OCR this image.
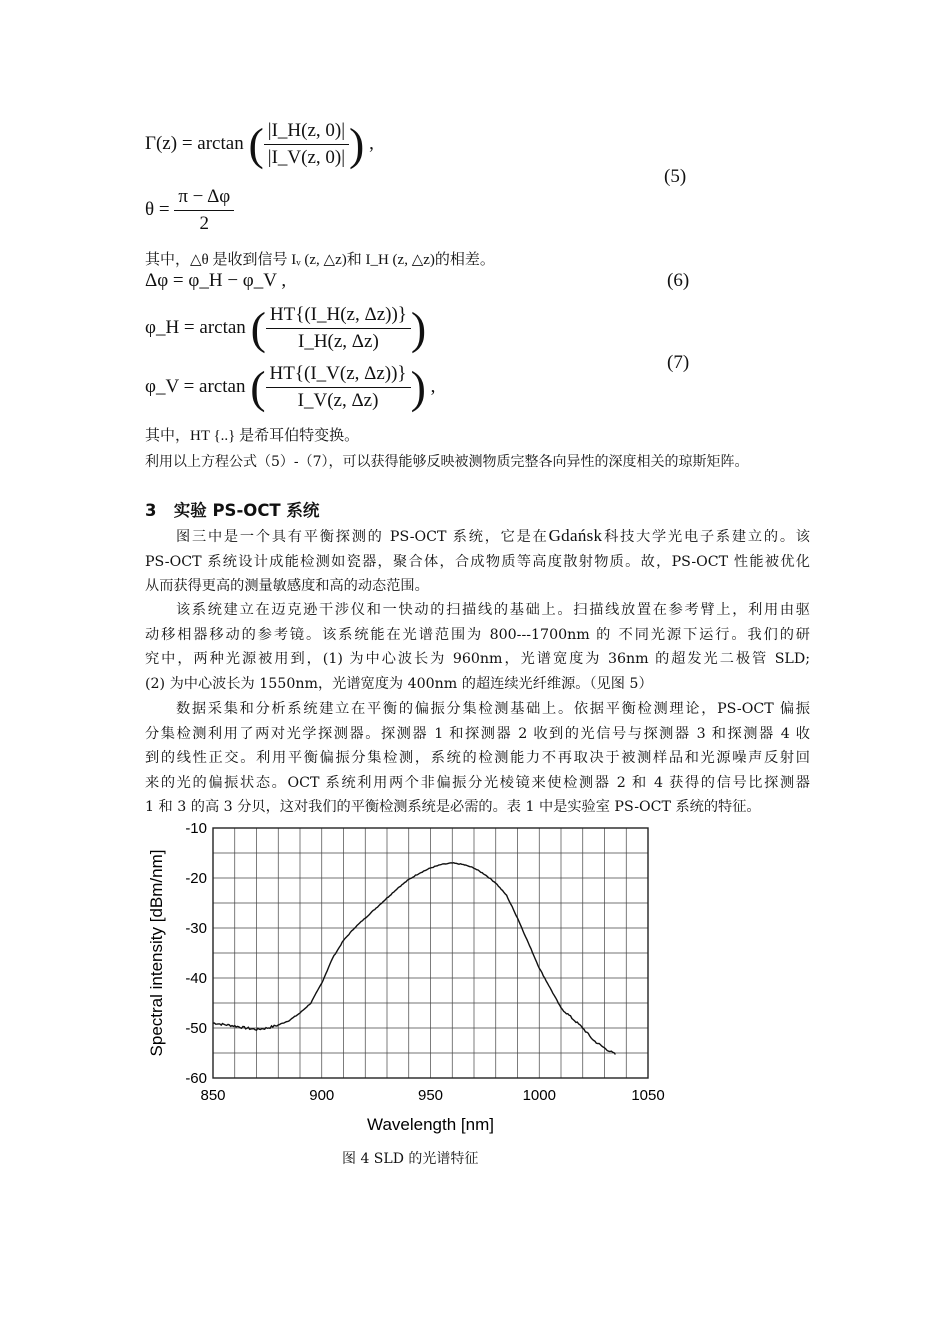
Γ(z) = arctan ( $\frac{|I\_H(z, 0)|}{|I\_V(z, 0)|}$ ) ,
$\theta = \frac{\pi - \Delta\varphi}{2}$
(5)
其中，△θ 是收到信号 Iᵥ (z, △z)和 I_H (z, △z)的相差。
Δφ = φ_H − φ_V ,	(6)
φ_H = arctan ( $\frac{HT\{(I\_H(z, \Delta z))\}}{I\_H(z, \Delta z)}$ )
φ_V = arctan ( $\frac{HT\{(I\_V(z, \Delta z))\}}{I\_V(z, \Delta z)}$ ) ,
(7)
其中，HT {..} 是希耳伯特变换。
利用以上方程公式（5）-（7），可以获得能够反映被测物质完整各向异性的深度相关的琼斯矩阵。
3 实验 PS-OCT 系统
图三中是一个具有平衡探测的 PS-OCT 系统，它是在Gdańsk科技大学光电子系建立的。该
PS-OCT 系统设计成能检测如瓷器，聚合体，合成物质等高度散射物质。故，PS-OCT 性能被优化
从而获得更高的测量敏感度和高的动态范围。
该系统建立在迈克逊干涉仪和一快动的扫描线的基础上。扫描线放置在参考臂上，利用由驱
动移相器移动的参考镜。该系统能在光谱范围为 800---1700nm 的 不同光源下运行。我们的研
究中，两种光源被用到，(1) 为中心波长为 960nm，光谱宽度为 36nm 的超发光二极管 SLD;
(2) 为中心波长为 1550nm，光谱宽度为 400nm 的超连续光纤维源。（见图 5）
数据采集和分析系统建立在平衡的偏振分集检测基础上。依据平衡检测理论，PS-OCT 偏振
分集检测利用了两对光学探测器。探测器 1 和探测器 2 收到的光信号与探测器 3 和探测器 4 收
到的线性正交。利用平衡偏振分集检测，系统的检测能力不再取决于被测样品和光源噪声反射回
来的光的偏振状态。OCT 系统利用两个非偏振分光棱镜来使检测器 2 和 4 获得的信号比探测器
1 和 3 的高 3 分贝，这对我们的平衡检测系统是必需的。表 1 中是实验室 PS-OCT 系统的特征。
850	900	950	1000	1050
-10
-20
-30
-40
-50
-60
Wavelength [nm]
Spectral intensity [dBm/nm]
图 4 SLD 的光谱特征
